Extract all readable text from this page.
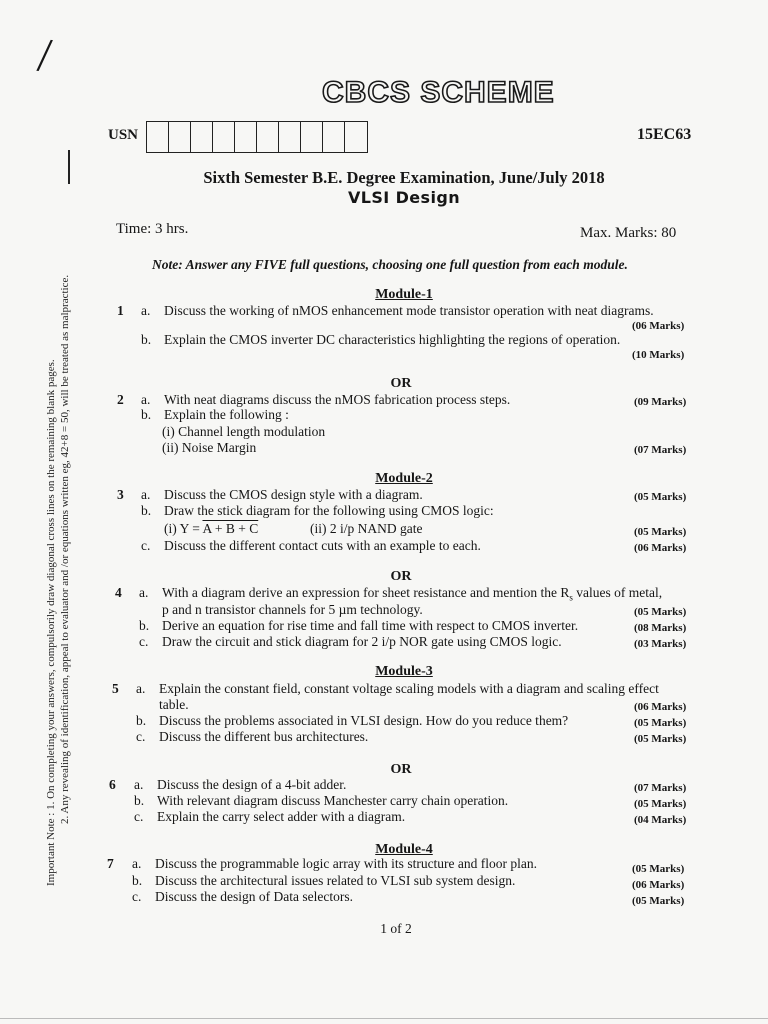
/
CBCS SCHEME
USN	15EC63
Sixth Semester B.E. Degree Examination, June/July 2018
VLSI Design
Time: 3 hrs.	Max. Marks: 80
Note: Answer any FIVE full questions, choosing one full question from each module.
Important Note : 1. On completing your answers, compulsorily draw diagonal cross lines on the remaining blank pages. 2. Any revealing of identification, appeal to evaluator and /or equations written eg, 42+8 = 50, will be treated as malpractice.	Module-1
1 a. Discuss the working of nMOS enhancement mode transistor operation with neat diagrams.
(06 Marks)
b. Explain the CMOS inverter DC characteristics highlighting the regions of operation.
(10 Marks)
OR
2 a. With neat diagrams discuss the nMOS fabrication process steps.	(09 Marks)
b. Explain the following :
(i) Channel length modulation
(ii) Noise Margin	(07 Marks)
Module-2
3 a. Discuss the CMOS design style with a diagram.	(05 Marks)
b. Draw the stick diagram for the following using CMOS logic:
(i) Y = A + B + C	(ii) 2 i/p NAND gate	(05 Marks)
c. Discuss the different contact cuts with an example to each.	(06 Marks)
OR
4 a. With a diagram derive an expression for sheet resistance and mention the $R_s$ values of metal,
p and n transistor channels for 5 µm technology.	(05 Marks)
b. Derive an equation for rise time and fall time with respect to CMOS inverter.	(08 Marks)
c. Draw the circuit and stick diagram for 2 i/p NOR gate using CMOS logic.	(03 Marks)
Module-3
5 a. Explain the constant field, constant voltage scaling models with a diagram and scaling effect
table.	(06 Marks)
b. Discuss the problems associated in VLSI design. How do you reduce them?	(05 Marks)
c. Discuss the different bus architectures.	(05 Marks)
OR
6 a. Discuss the design of a 4-bit adder.	(07 Marks)
b. With relevant diagram discuss Manchester carry chain operation.	(05 Marks)
c. Explain the carry select adder with a diagram.	(04 Marks)
Module-4
7 a. Discuss the programmable logic array with its structure and floor plan.	(05 Marks)
b. Discuss the architectural issues related to VLSI sub system design.	(06 Marks)
c. Discuss the design of Data selectors.	(05 Marks)
1 of 2
